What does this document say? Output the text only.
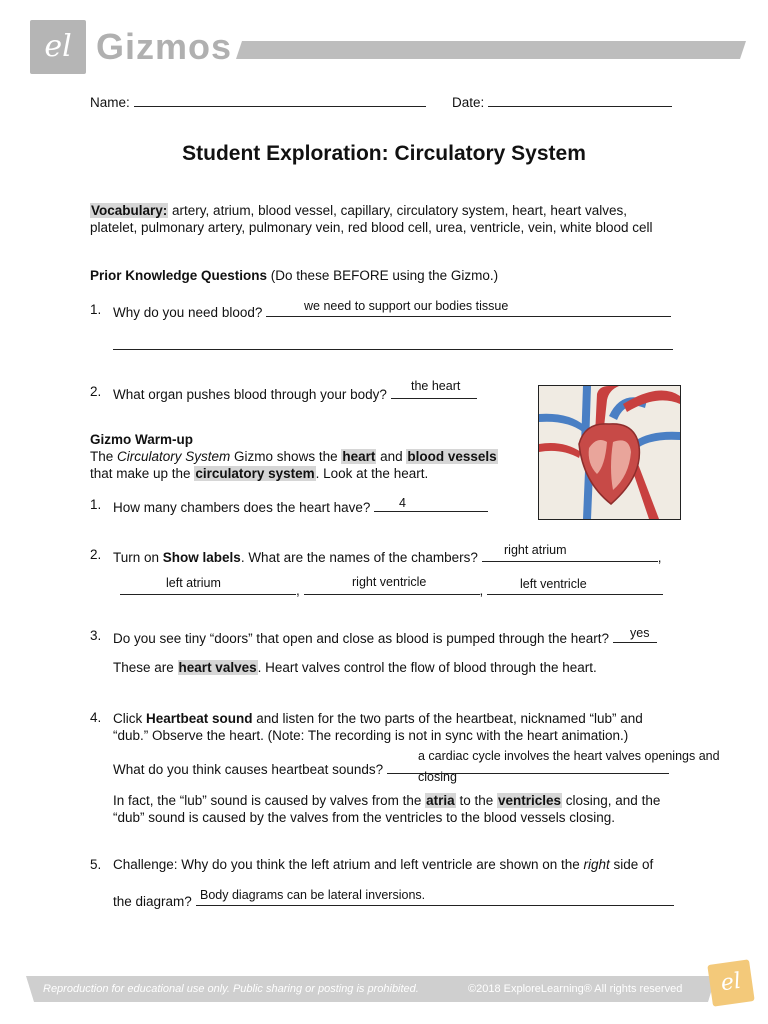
el Gizmos
Name:	Date:
Student Exploration: Circulatory System
Vocabulary: artery, atrium, blood vessel, capillary, circulatory system, heart, heart valves,
platelet, pulmonary artery, pulmonary vein, red blood cell, urea, ventricle, vein, white blood cell
Prior Knowledge Questions (Do these BEFORE using the Gizmo.)
1. Why do you need blood?	we need to support our bodies tissue
2. What organ pushes blood through your body?
the heart
Gizmo Warm-up
The Circulatory System Gizmo shows the heart and blood vessels
that make up the circulatory system. Look at the heart.
1. How many chambers does the heart have?	4
2. Turn on Show labels. What are the names of the chambers?	,
right atrium
,	,
left atrium	right ventricle	left ventricle
3. Do you see tiny “doors” that open and close as blood is pumped through the heart?	yes
These are heart valves. Heart valves control the flow of blood through the heart.
4. Click Heartbeat sound and listen for the two parts of the heartbeat, nicknamed “lub” and
“dub.” Observe the heart. (Note: The recording is not in sync with the heart animation.)
What do you think causes heartbeat sounds?
a cardiac cycle involves the heart valves openings and
closing
In fact, the “lub” sound is caused by valves from the atria to the ventricles closing, and the
“dub” sound is caused by the valves from the ventricles to the blood vessels closing.
5. Challenge: Why do you think the left atrium and left ventricle are shown on the right side of
the diagram? Body diagrams can be lateral inversions.
Reproduction for educational use only. Public sharing or posting is prohibited.	©2018 ExploreLearning® All rights reserved	el
